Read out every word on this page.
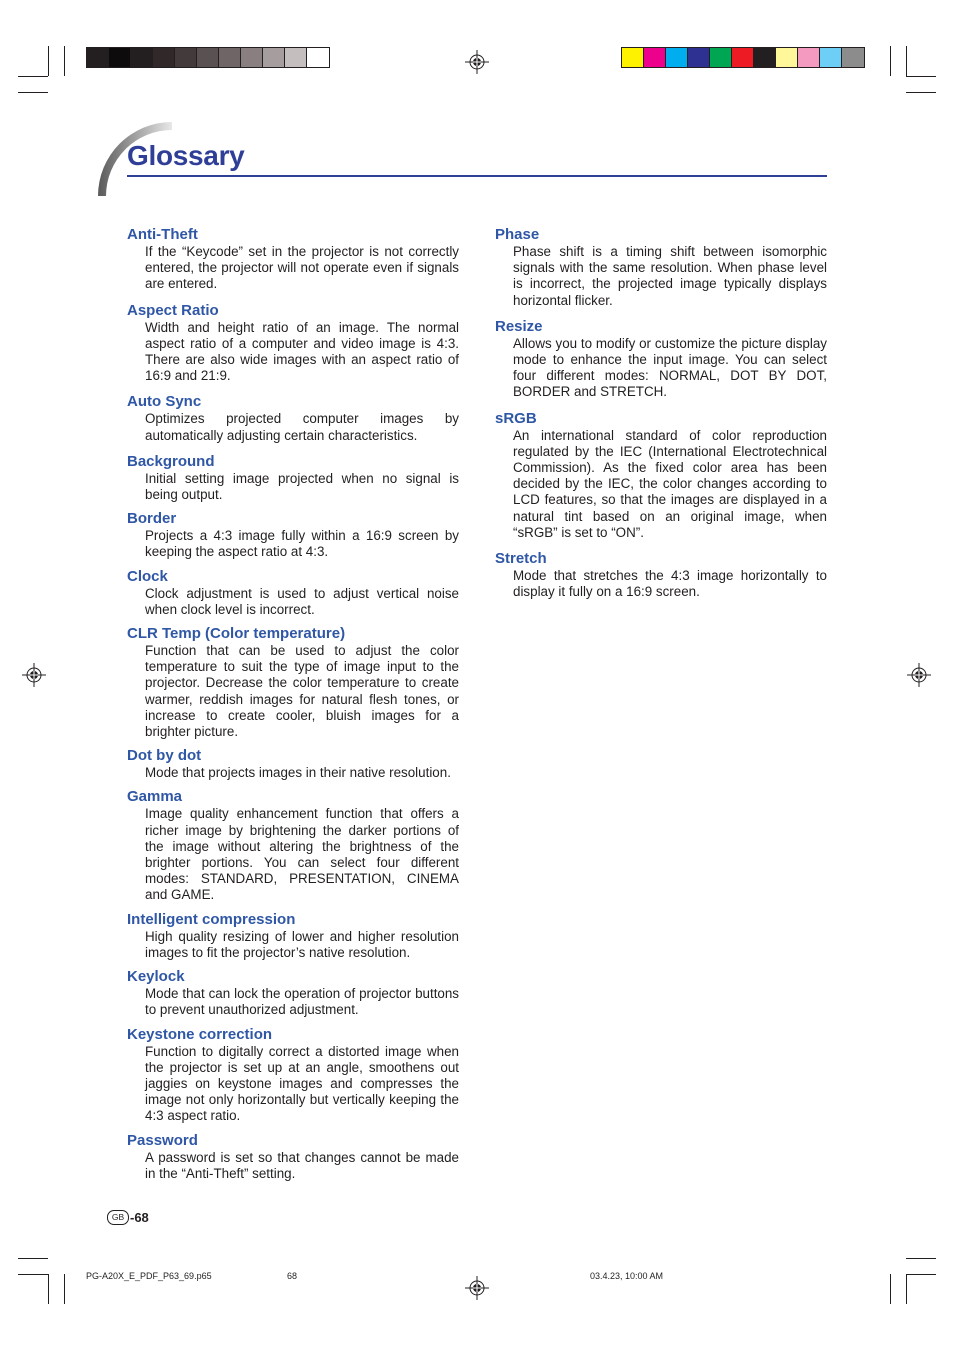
Glossary
Anti-Theft
If the “Keycode” set in the projector is not correctly entered, the projector will not operate even if signals are entered.
Aspect Ratio
Width and height ratio of an image. The normal aspect ratio of a computer and video image is 4:3. There are also wide images with an aspect ratio of 16:9 and 21:9.
Auto Sync
Optimizes projected computer images by automatically adjusting certain characteristics.
Background
Initial setting image projected when no signal is being output.
Border
Projects a 4:3 image fully within a 16:9 screen by keeping the aspect ratio at 4:3.
Clock
Clock adjustment is used to adjust vertical noise when clock level is incorrect.
CLR Temp (Color temperature)
Function that can be used to adjust the color temperature to suit the type of image input to the projector. Decrease the color temperature to create warmer, reddish images for natural flesh tones, or increase to create cooler, bluish images for a brighter picture.
Dot by dot
Mode that projects images in their native resolution.
Gamma
Image quality enhancement function that offers a richer image by brightening the darker portions of the image without altering the brightness of the brighter portions. You can select four different modes: STANDARD, PRESENTATION, CINEMA and GAME.
Intelligent compression
High quality resizing of lower and higher resolution images to fit the projector’s native resolution.
Keylock
Mode that can lock the operation of projector buttons to prevent unauthorized adjustment.
Keystone correction
Function to digitally correct a distorted image when the projector is set up at an angle, smoothens out jaggies on keystone images and compresses the image not only horizontally but vertically keeping the 4:3 aspect ratio.
Password
A password is set so that changes cannot be made in the “Anti-Theft” setting.
Phase
Phase shift is a timing shift between isomorphic signals with the same resolution. When phase level is incorrect, the projected image typically displays horizontal flicker.
Resize
Allows you to modify or customize the picture display mode to enhance the input image. You can select four different modes: NORMAL, DOT BY DOT, BORDER and STRETCH.
sRGB
An international standard of color reproduction regulated by the IEC (International Electrotechnical Commission). As the fixed color area has been decided by the IEC, the color changes according to LCD features, so that the images are displayed in a natural tint based on an original image, when “sRGB” is set to “ON”.
Stretch
Mode that stretches the 4:3 image horizontally to display it fully on a 16:9 screen.
GB -68
PG-A20X_E_PDF_P63_69.p65	68	03.4.23, 10:00 AM
